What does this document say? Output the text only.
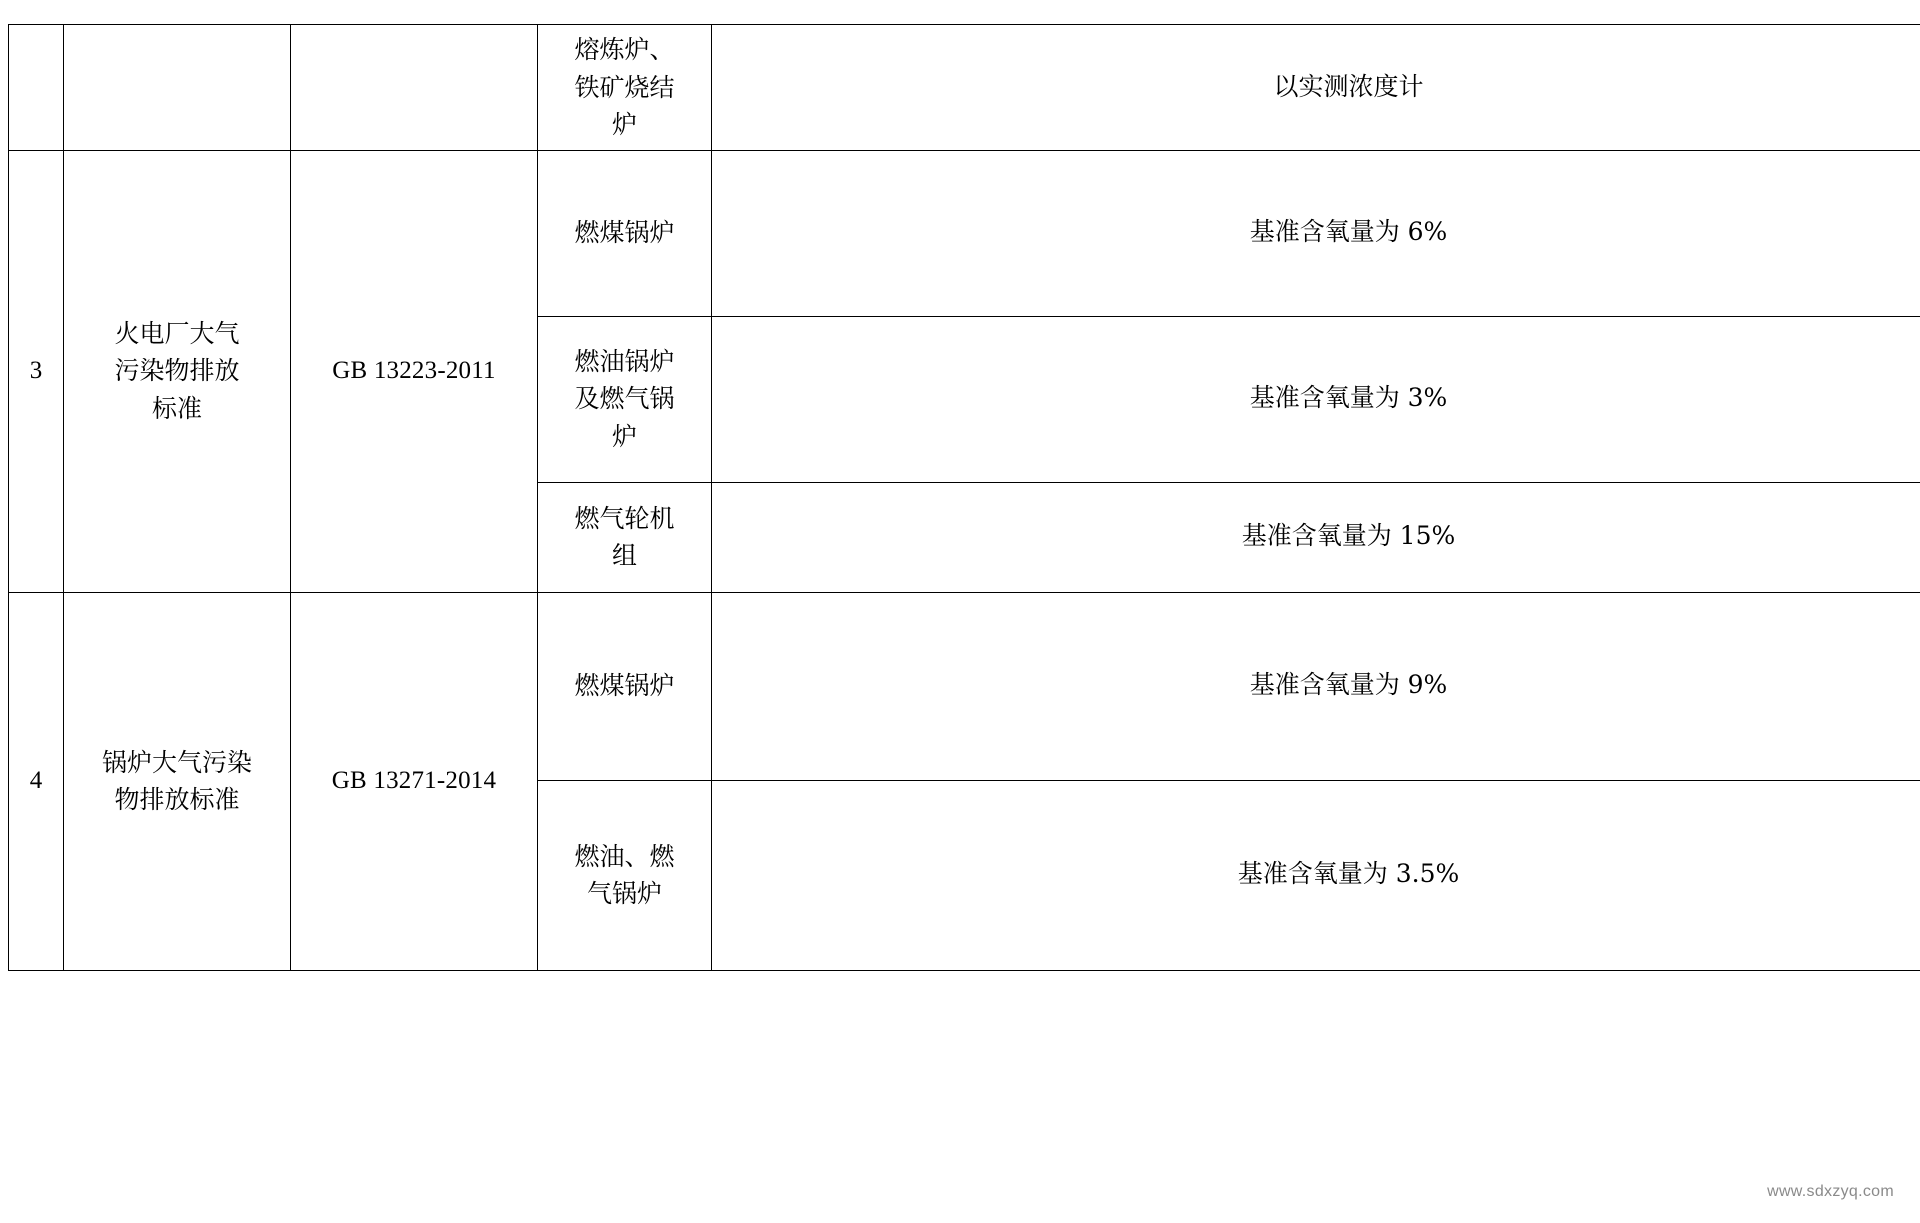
			熔炼炉、
铁矿烧结
炉	以实测浓度计
3	火电厂大气
污染物排放
标准	GB 13223-2011	燃煤锅炉	基准含氧量为 6%

			燃油锅炉
及燃气锅
炉	基准含氧量为 3%

			燃气轮机
组	基准含氧量为 15%
4	锅炉大气污染
物排放标准	GB 13271-2014	燃煤锅炉	基准含氧量为 9%

			燃油、燃
气锅炉	基准含氧量为 3.5%
www.sdxzyq.com
